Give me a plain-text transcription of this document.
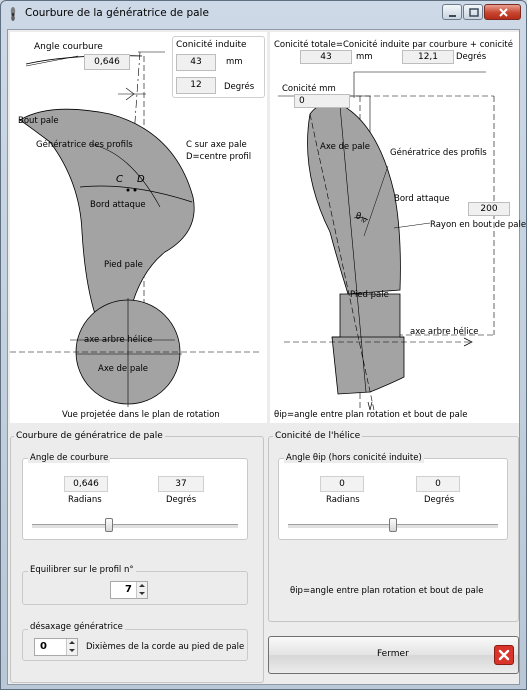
Courbure de la génératrice de pale
Angle courbure
0,646
Conicité induite
43	mm
12	Degrés
Bout pale
Génératrice des profils	C sur axe pale
D=centre profil
C D
Bord attaque
Pied pale
axe arbre hélice
Axe de pale
Vue projetée dans le plan de rotation
Conicité totale=Conicité induite par courbure + conicité
43	mm	12,1	Degrés
Conicité mm
0
Axe de pale
Génératrice des profils
Bord attaque
200
Rayon en bout de pale
$\theta_{ip}$
Pied pale
axe arbre hélice
θip=angle entre plan rotation et bout de pale
Courbure de génératrice de pale
Angle de courbure
0,646
Radians
37
Degrés
Equilibrer sur le profil n°
7
désaxage génératrice
0	Dixièmes de la corde au pied de pale
Conicité de l'hélice
Angle θip (hors conicité induite)
0
Radians
0
Degrés
θip=angle entre plan rotation et bout de pale
Fermer
